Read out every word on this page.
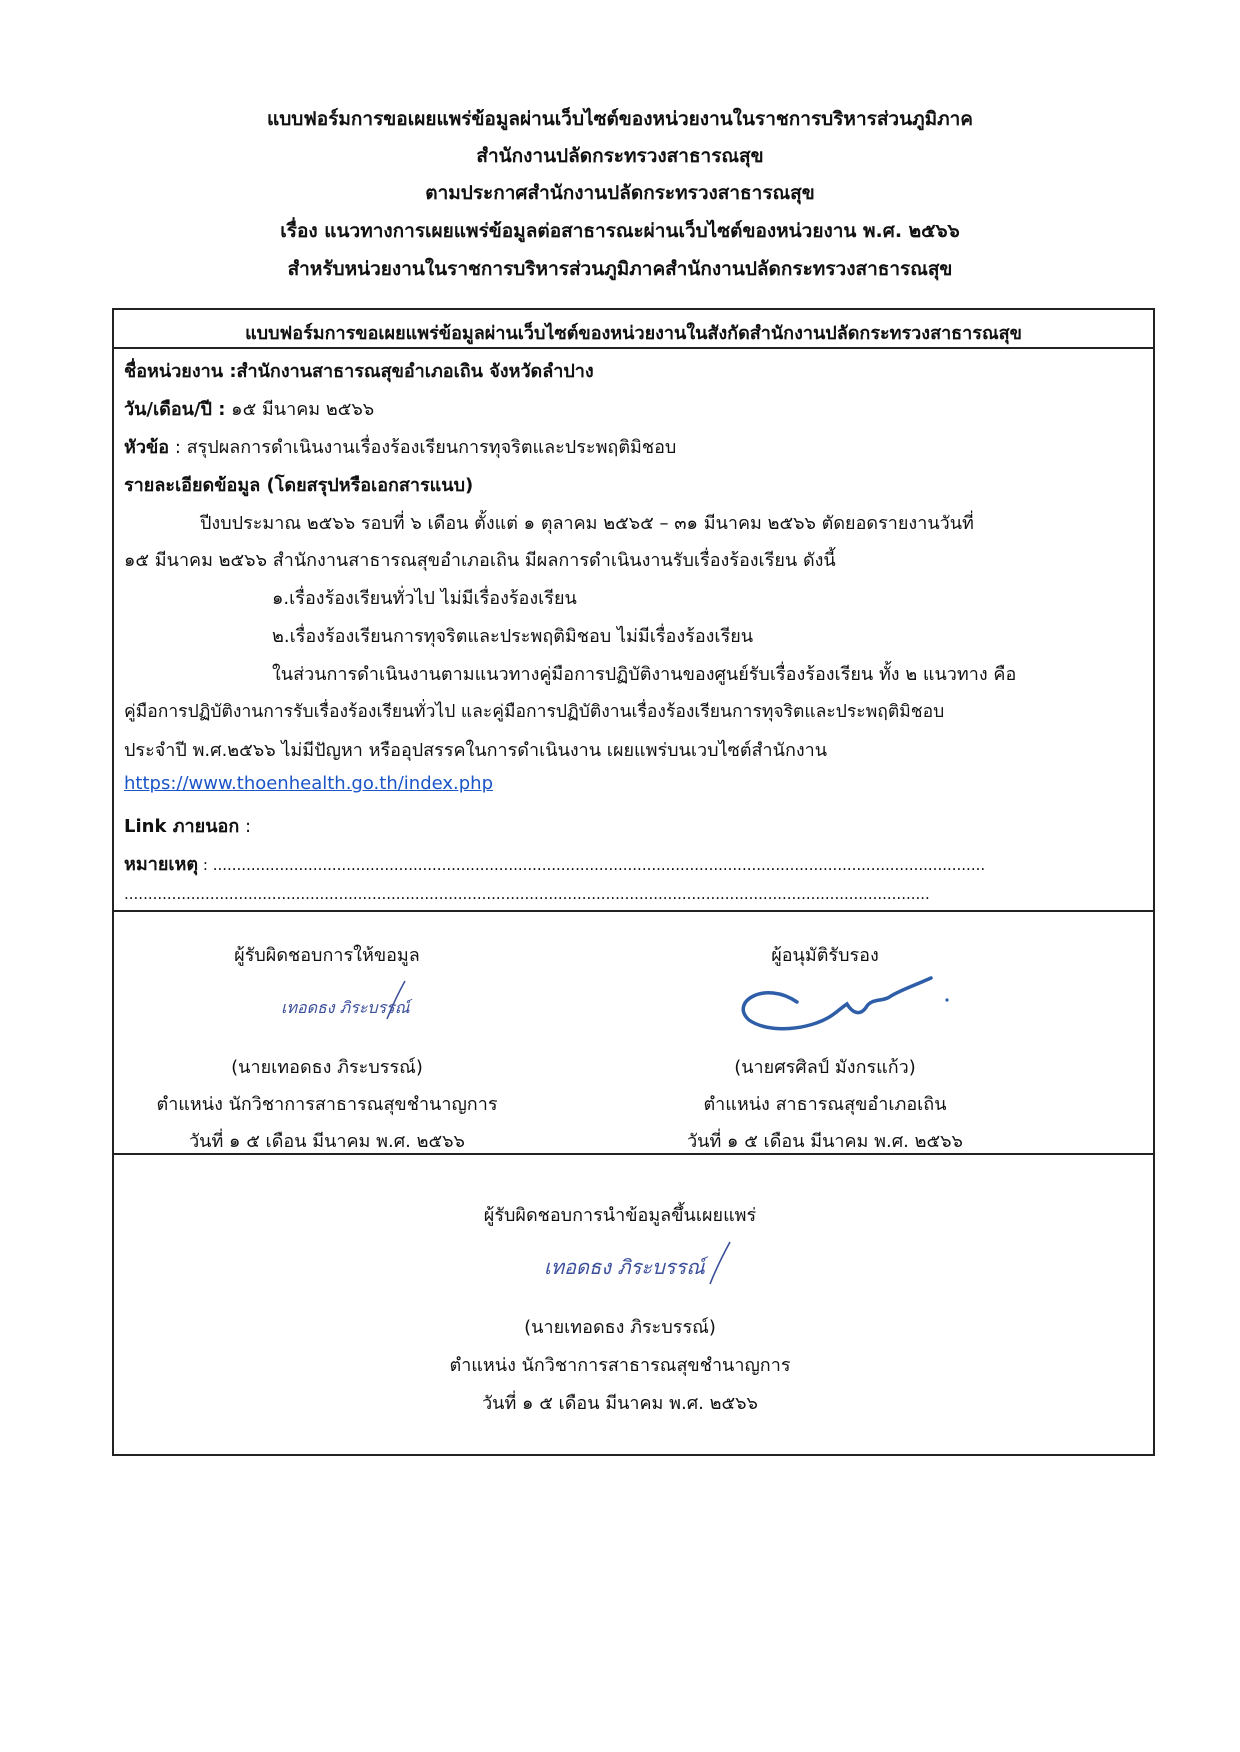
แบบฟอร์มการขอเผยแพร่ข้อมูลผ่านเว็บไซต์ของหน่วยงานในราชการบริหารส่วนภูมิภาค
สำนักงานปลัดกระทรวงสาธารณสุข
ตามประกาศสำนักงานปลัดกระทรวงสาธารณสุข
เรื่อง แนวทางการเผยแพร่ข้อมูลต่อสาธารณะผ่านเว็บไซต์ของหน่วยงาน พ.ศ. ๒๕๖๖
สำหรับหน่วยงานในราชการบริหารส่วนภูมิภาคสำนักงานปลัดกระทรวงสาธารณสุข
แบบฟอร์มการขอเผยแพร่ข้อมูลผ่านเว็บไซต์ของหน่วยงานในสังกัดสำนักงานปลัดกระทรวงสาธารณสุข
ชื่อหน่วยงาน :สำนักงานสาธารณสุขอำเภอเถิน จังหวัดลำปาง
วัน/เดือน/ปี : ๑๕ มีนาคม ๒๕๖๖
หัวข้อ : สรุปผลการดำเนินงานเรื่องร้องเรียนการทุจริตและประพฤติมิชอบ
รายละเอียดข้อมูล (โดยสรุปหรือเอกสารแนบ)
ปีงบประมาณ ๒๕๖๖ รอบที่ ๖ เดือน ตั้งแต่ ๑ ตุลาคม ๒๕๖๕ – ๓๑ มีนาคม ๒๕๖๖ ตัดยอดรายงานวันที่
๑๕ มีนาคม ๒๕๖๖ สำนักงานสาธารณสุขอำเภอเถิน มีผลการดำเนินงานรับเรื่องร้องเรียน ดังนี้
๑.เรื่องร้องเรียนทั่วไป ไม่มีเรื่องร้องเรียน
๒.เรื่องร้องเรียนการทุจริตและประพฤติมิชอบ ไม่มีเรื่องร้องเรียน
ในส่วนการดำเนินงานตามแนวทางคู่มือการปฏิบัติงานของศูนย์รับเรื่องร้องเรียน ทั้ง ๒ แนวทาง คือ
คู่มือการปฏิบัติงานการรับเรื่องร้องเรียนทั่วไป และคู่มือการปฏิบัติงานเรื่องร้องเรียนการทุจริตและประพฤติมิชอบ
ประจำปี พ.ศ.๒๕๖๖ ไม่มีปัญหา หรืออุปสรรคในการดำเนินงาน เผยแพร่บนเวบไซต์สำนักงาน
https://www.thoenhealth.go.th/index.php
Link ภายนอก :
หมายเหตุ : ..................................................................................................................................................................
.........................................................................................................................................................................
ผู้รับผิดชอบการให้ขอมูล
เทอดธง ภิระบรรณ์
(นายเทอดธง ภิระบรรณ์)
ตำแหน่ง นักวิชาการสาธารณสุขชำนาญการ
วันที่ ๑ ๕ เดือน มีนาคม พ.ศ. ๒๕๖๖
ผู้อนุมัติรับรอง
(นายศรศิลป์ มังกรแก้ว)
ตำแหน่ง สาธารณสุขอำเภอเถิน
วันที่ ๑ ๕ เดือน มีนาคม พ.ศ. ๒๕๖๖
ผู้รับผิดชอบการนำข้อมูลขึ้นเผยแพร่
เทอดธง ภิระบรรณ์
(นายเทอดธง ภิระบรรณ์)
ตำแหน่ง นักวิชาการสาธารณสุขชำนาญการ
วันที่ ๑ ๕ เดือน มีนาคม พ.ศ. ๒๕๖๖
